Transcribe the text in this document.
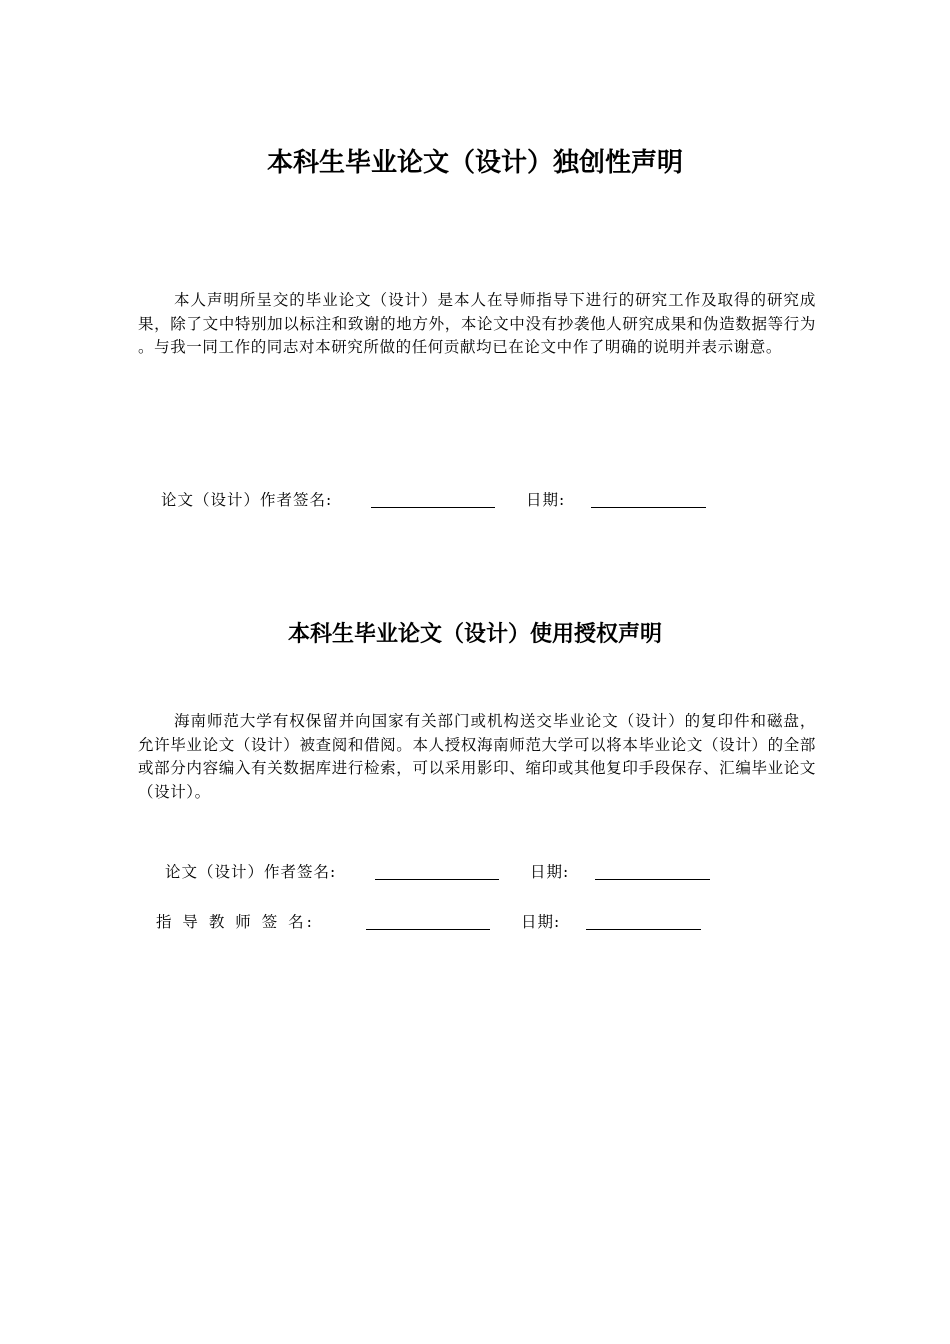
本科生毕业论文（设计）独创性声明
本人声明所呈交的毕业论文（设计）是本人在导师指导下进行的研究工作及取得的研究成果，除了文中特别加以标注和致谢的地方外，本论文中没有抄袭他人研究成果和伪造数据等行为 。与我一同工作的同志对本研究所做的任何贡献均已在论文中作了明确的说明并表示谢意。
论文（设计）作者签名:	日期:
本科生毕业论文（设计）使用授权声明
海南师范大学有权保留并向国家有关部门或机构送交毕业论文（设计）的复印件和磁盘，允许毕业论文（设计）被查阅和借阅。本人授权海南师范大学可以将本毕业论文（设计）的全部或部分内容编入有关数据库进行检索，可以采用影印、缩印或其他复印手段保存、汇编毕业论文（设计）。
论文（设计）作者签名:	日期:
指 导 教 师 签 名:	日期:
